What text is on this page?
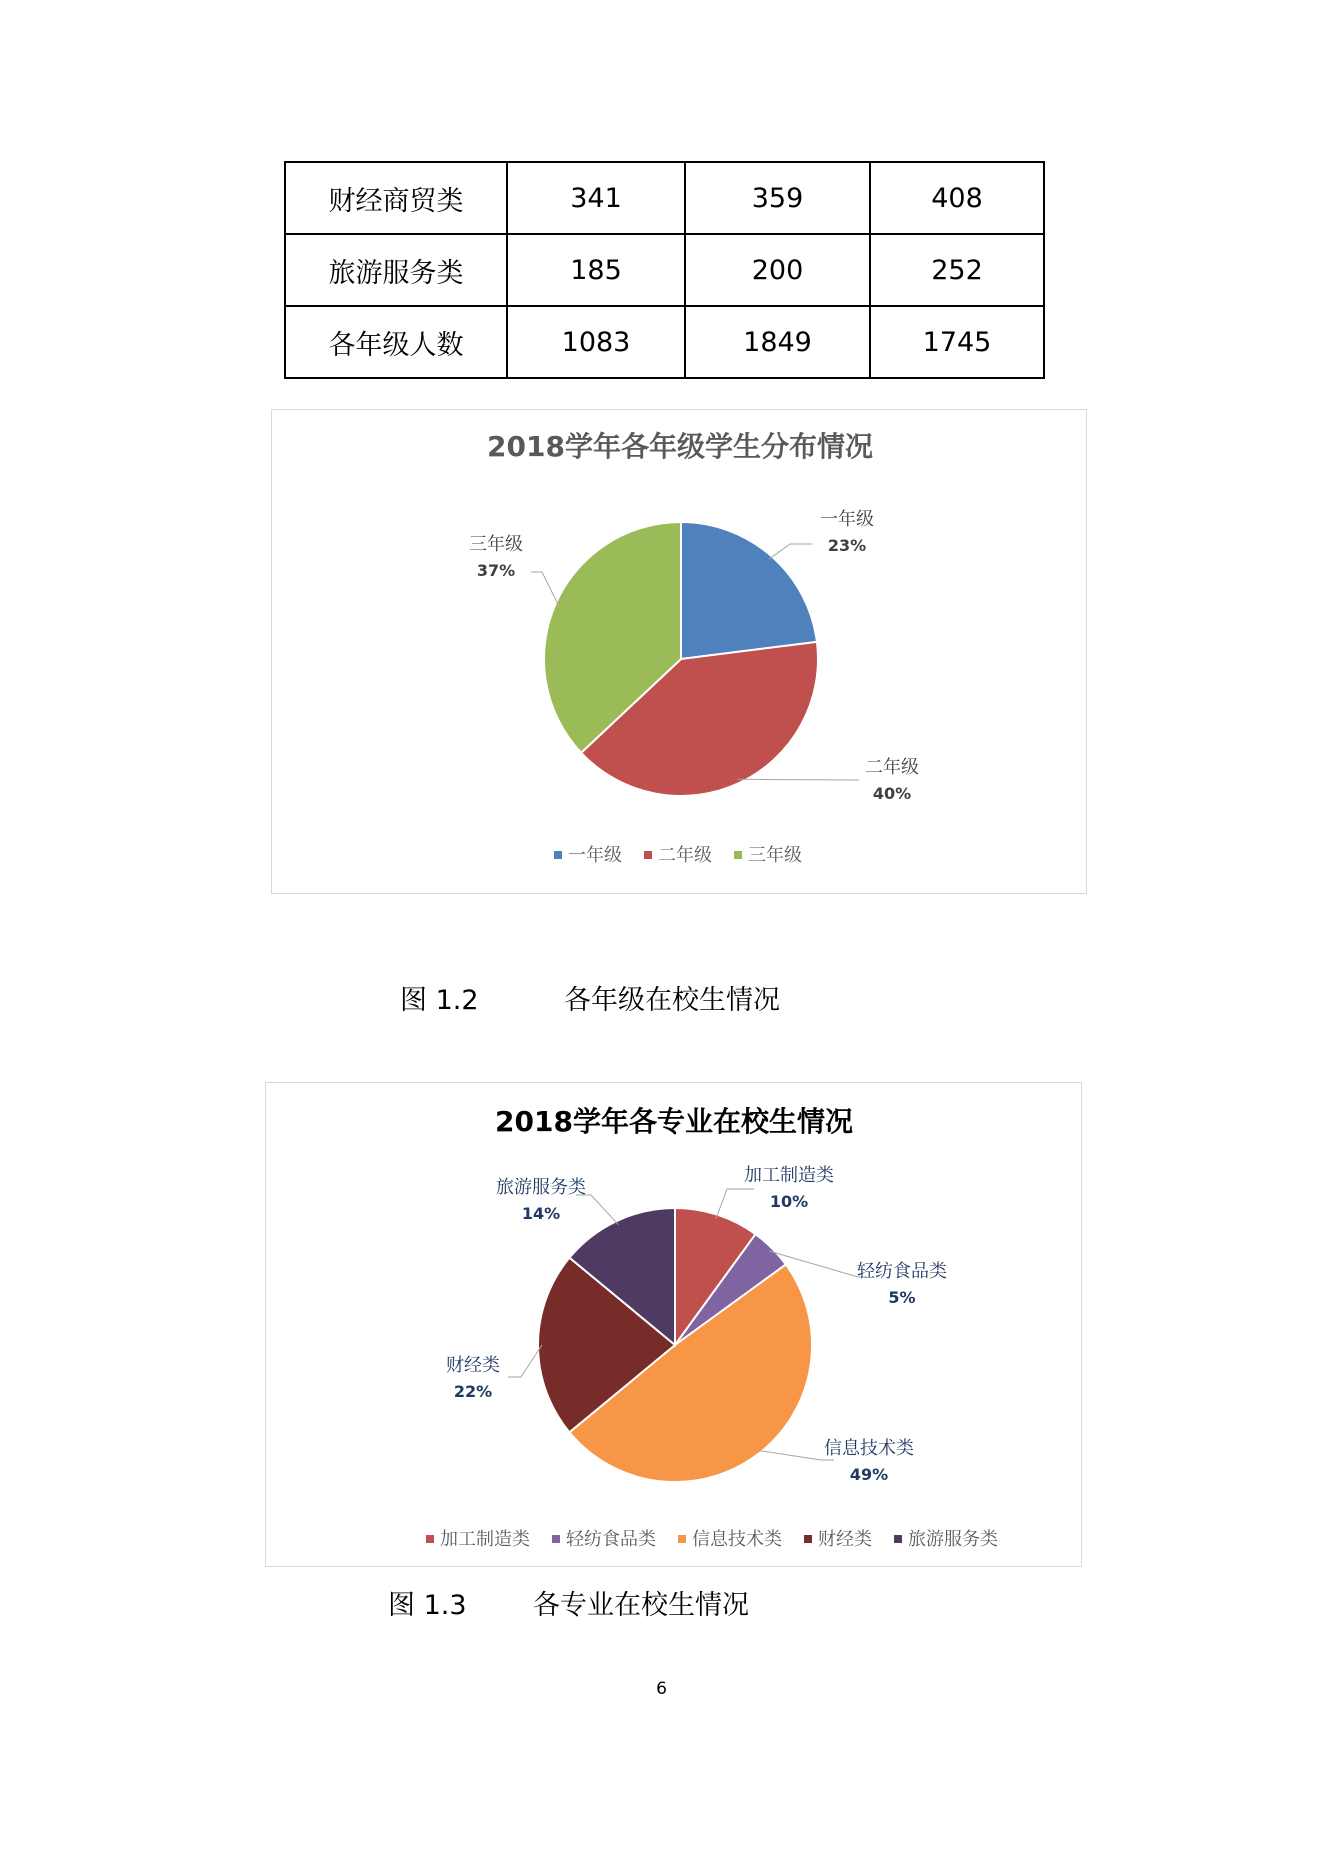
财经商贸类	341	359	408
旅游服务类	185	200	252
各年级人数	1083	1849	1745
2018学年各年级学生分布情况
一年级
23%
二年级
40%
三年级
37%
一年级 二年级 三年级
图 1.2	各年级在校生情况
2018学年各专业在校生情况
加工制造类
10%
轻纺食品类
5%
信息技术类
49%
财经类
22%
旅游服务类
14%
加工制造类 轻纺食品类 信息技术类 财经类 旅游服务类
图 1.3 各专业在校生情况
6
